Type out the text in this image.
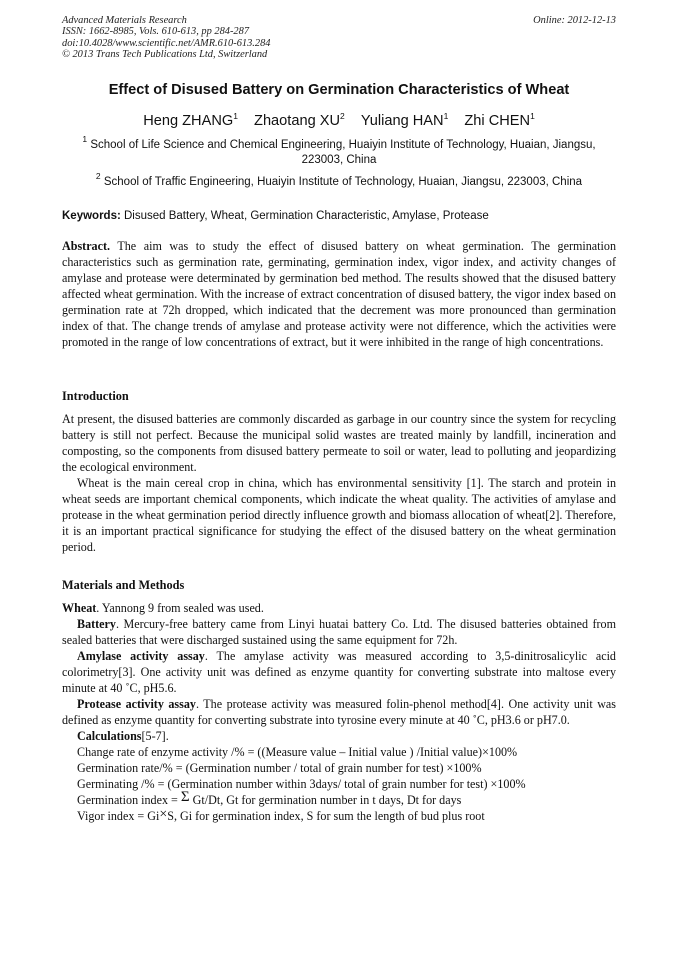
Advanced Materials Research
ISSN: 1662-8985, Vols. 610-613, pp 284-287
doi:10.4028/www.scientific.net/AMR.610-613.284
© 2013 Trans Tech Publications Ltd, Switzerland
Online: 2012-12-13
Effect of Disused Battery on Germination Characteristics of Wheat
Heng ZHANG$^1$ Zhaotang $XU^2$ Yuliang HAN$^1$ Zhi CHEN$^1$
$^1$ School of Life Science and Chemical Engineering, Huaiyin Institute of Technology, Huaian, Jiangsu, 223003, China
$^2$ School of Traffic Engineering, Huaiyin Institute of Technology, Huaian, Jiangsu, 223003, China
Keywords: Disused Battery, Wheat, Germination Characteristic, Amylase, Protease

Abstract. The aim was to study the effect of disused battery on wheat germination. The germination characteristics such as germination rate, germinating, germination index, vigor index, and activity changes of amylase and protease were determinated by germination bed method. The results showed that the disused battery affected wheat germination. With the increase of extract concentration of disused battery, the vigor index based on germination rate at 72h dropped, which indicated that the decrement was more pronounced than germination index of that. The change trends of amylase and protease activity were not difference, which the activities were promoted in the range of low concentrations of extract, but it were inhibited in the range of high concentrations.

Introduction

At present, the disused batteries are commonly discarded as garbage in our country since the system for recycling battery is still not perfect. Because the municipal solid wastes are treated mainly by landfill, incineration and composting, so the components from disused battery permeate to soil or water, lead to polluting and jeopardizing the ecological environment.

Wheat is the main cereal crop in china, which has environmental sensitivity [1]. The starch and protein in wheat seeds are important chemical components, which indicate the wheat quality. The activities of amylase and protease in the wheat germination period directly influence growth and biomass allocation of wheat[2]. Therefore, it is an important practical significance for studying the effect of the disused battery on the wheat germination period.

Materials and Methods

Wheat. Yannong 9 from sealed was used.

Battery. Mercury-free battery came from Linyi huatai battery Co. Ltd. The disused batteries obtained from sealed batteries that were discharged sustained using the same equipment for 72h.

Amylase activity assay. The amylase activity was measured according to 3,5-dinitrosalicylic acid colorimetry[3]. One activity unit was defined as enzyme quantity for converting substrate into maltose every minute at 40 ˚C, pH5.6.

Protease activity assay. The protease activity was measured folin-phenol method[4]. One activity unit was defined as enzyme quantity for converting substrate into tyrosine every minute at 40 ˚C, pH3.6 or pH7.0.

Calculations[5-7].

Change rate of enzyme activity /% = ((Measure value – Initial value ) /Initial value)×100%
Germination rate/% = (Germination number / total of grain number for test) ×100%
Germinating /% = (Germination number within 3days/ total of grain number for test) ×100%
Germination index = Σ Gt/Dt, Gt for germination number in t days, Dt for days
Vigor index = Gi×S, Gi for germination index, S for sum the length of bud plus root
